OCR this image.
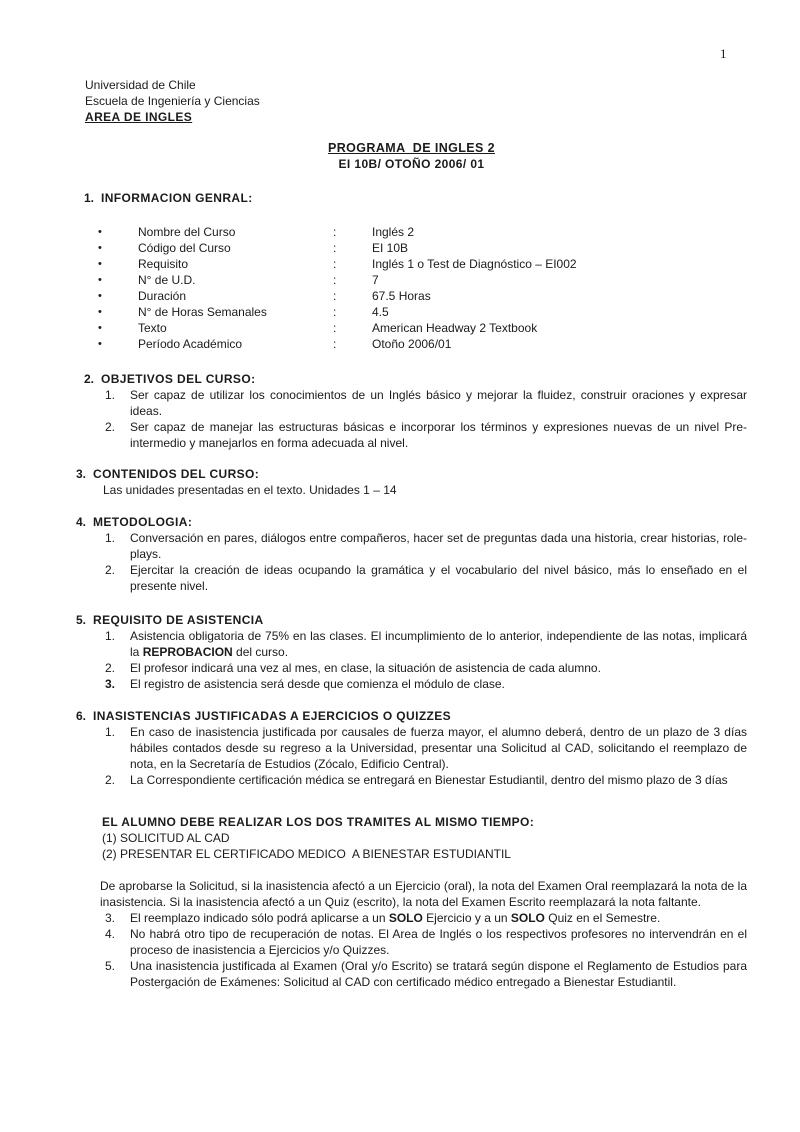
1
Universidad de Chile
Escuela de Ingeniería y Ciencias
AREA DE INGLES
PROGRAMA  DE INGLES 2
EI 10B/ OTOÑO 2006/ 01
1. INFORMACION GENRAL:
•	Nombre del Curso	:	Inglés 2
•	Código del Curso	:	EI 10B
•	Requisito	:	Inglés 1 o Test de Diagnóstico – EI002
•	N° de U.D.	:	7
•	Duración	:	67.5 Horas
•	N° de Horas Semanales	:	4.5
•	Texto	:	American Headway 2 Textbook
•	Período Académico	:	Otoño 2006/01
2. OBJETIVOS DEL CURSO:
1.	Ser capaz de utilizar los conocimientos de un Inglés básico y mejorar la fluidez, construir oraciones y expresar ideas.
2.	Ser capaz de manejar las estructuras básicas e incorporar los términos y expresiones nuevas de un nivel Pre-intermedio y manejarlos en forma adecuada al nivel.
3. CONTENIDOS DEL CURSO:
Las unidades presentadas en el texto. Unidades 1 – 14
4. METODOLOGIA:
1.	Conversación en pares, diálogos entre compañeros, hacer set de preguntas dada una historia, crear historias, role-plays.
2.	Ejercitar la creación de ideas ocupando la gramática y el vocabulario del nivel básico, más lo enseñado en el presente nivel.
5. REQUISITO DE ASISTENCIA
1.	Asistencia obligatoria de 75% en las clases. El incumplimiento de lo anterior, independiente de las notas, implicará la REPROBACION del curso.
2.	El profesor indicará una vez al mes, en clase, la situación de asistencia de cada alumno.
3.	El registro de asistencia será desde que comienza el módulo de clase.
6. INASISTENCIAS JUSTIFICADAS A EJERCICIOS O QUIZZES
1.	En caso de inasistencia justificada por causales de fuerza mayor, el alumno deberá, dentro de un plazo de 3 días hábiles contados desde su regreso a la Universidad, presentar una Solicitud al CAD, solicitando el reemplazo de nota, en la Secretaría de Estudios (Zócalo, Edificio Central).
2.	La Correspondiente certificación médica se entregará en Bienestar Estudiantil, dentro del mismo plazo de 3 días
EL ALUMNO DEBE REALIZAR LOS DOS TRAMITES AL MISMO TIEMPO:
(1) SOLICITUD AL CAD
(2) PRESENTAR EL CERTIFICADO MEDICO  A BIENESTAR ESTUDIANTIL
De aprobarse la Solicitud, si la inasistencia afectó a un Ejercicio (oral), la nota del Examen Oral reemplazará la nota de la inasistencia. Si la inasistencia afectó a un Quiz (escrito), la nota del Examen Escrito reemplazará la nota faltante.
3.	El reemplazo indicado sólo podrá aplicarse a un SOLO Ejercicio y a un SOLO Quiz en el Semestre.
4.	No habrá otro tipo de recuperación de notas. El Area de Inglés o los respectivos profesores no intervendrán en el proceso de inasistencia a Ejercicios y/o Quizzes.
5.	Una inasistencia justificada al Examen (Oral y/o Escrito) se tratará según dispone el Reglamento de Estudios para Postergación de Exámenes: Solicitud al CAD con certificado médico entregado a Bienestar Estudiantil.
